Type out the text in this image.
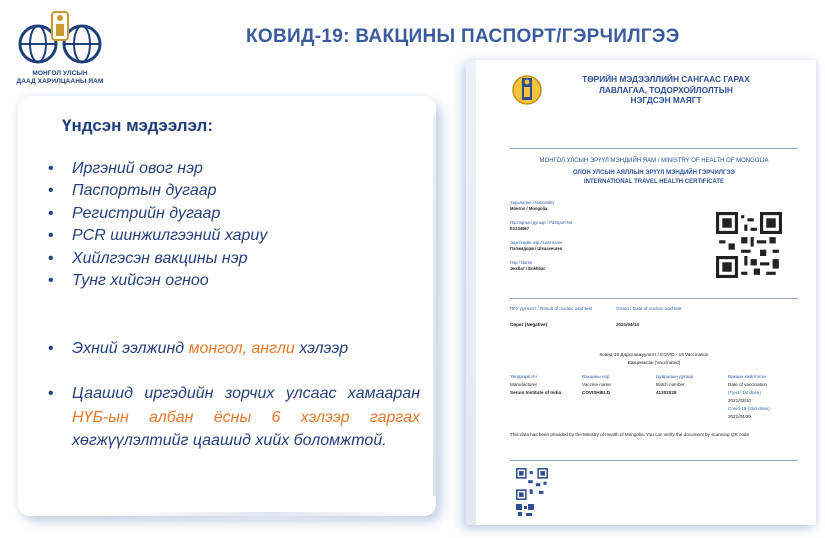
МОНГОЛ УЛСЫН
ДААД ХАРИЛЦААНЫ ЯАМ
КОВИД-19: ВАКЦИНЫ ПАСПОРТ/ГЭРЧИЛГЭЭ
Үндсэн мэдээлэл:
• Иргэний овог нэр
• Паспортын дугаар
• Регистрийн дугаар
• PCR шинжилгээний хариу
• Хийлгэсэн вакцины нэр
• Тунг хийсэн огноо
• Эхний ээлжинд монгол, англи хэлээр
• Цаашид иргэдийн зорчих улсаас хамааран НҮБ-ын албан ёсны 6 хэлээр гаргах хөгжүүлэлтийг цаашид хийх боломжтой.
ТӨРИЙН МЭДЭЭЛЛИЙН САНГААС ГАРАХ
ЛАВЛАГАА, ТОДОРХОЙЛОЛТЫН
НЭГДСЭН МАЯГТ
МОНГОЛ УЛСЫН ЭРҮҮЛ МЭНДИЙН ЯАМ / MINISTRY OF HEALTH OF MONGOLIA
ОЛОН УЛСЫН АЯЛЛЫН ЭРҮҮЛ МЭНДИЙН ГЭРЧИЛГЭЭ
INTERNATIONAL TRAVEL HEALTH CERTIFICATE
Харьяалал / Nationality
Монгол / Mongolia
Паспортын дугаар / Passport No
E1234567
Эцэг/эхийн нэр / Last name
Пэлэмдорж / Ulsaaveuren
Нэр / Name
Энхбат / Enkhbat
ПГУ дүгнэлт / Result of nucleic acid test	Огноо / Date of nucleic acid test
Сөрөг (Negative)	2021/04/14
Ковид-19 Дархлаажуулалт / COVID - 19 Vaccination
Вакцинжсан (Vaccinated)
Үйлдвэрлэгч	Вакцины нэр	Цувралын дугаар	Вакцин хийлгэсэн
Manufacturer	Vaccine name	Batch number	Date of vaccination
Serum Institute of India	COVISHIELD	41202025	(Тун1/ 1st dose)
2021/03/10
Covid-19 (2nd dose)
2021/04/20
This data has been provided by the Ministry of Health of Mongolia. You can verify the document by scanning QR code
